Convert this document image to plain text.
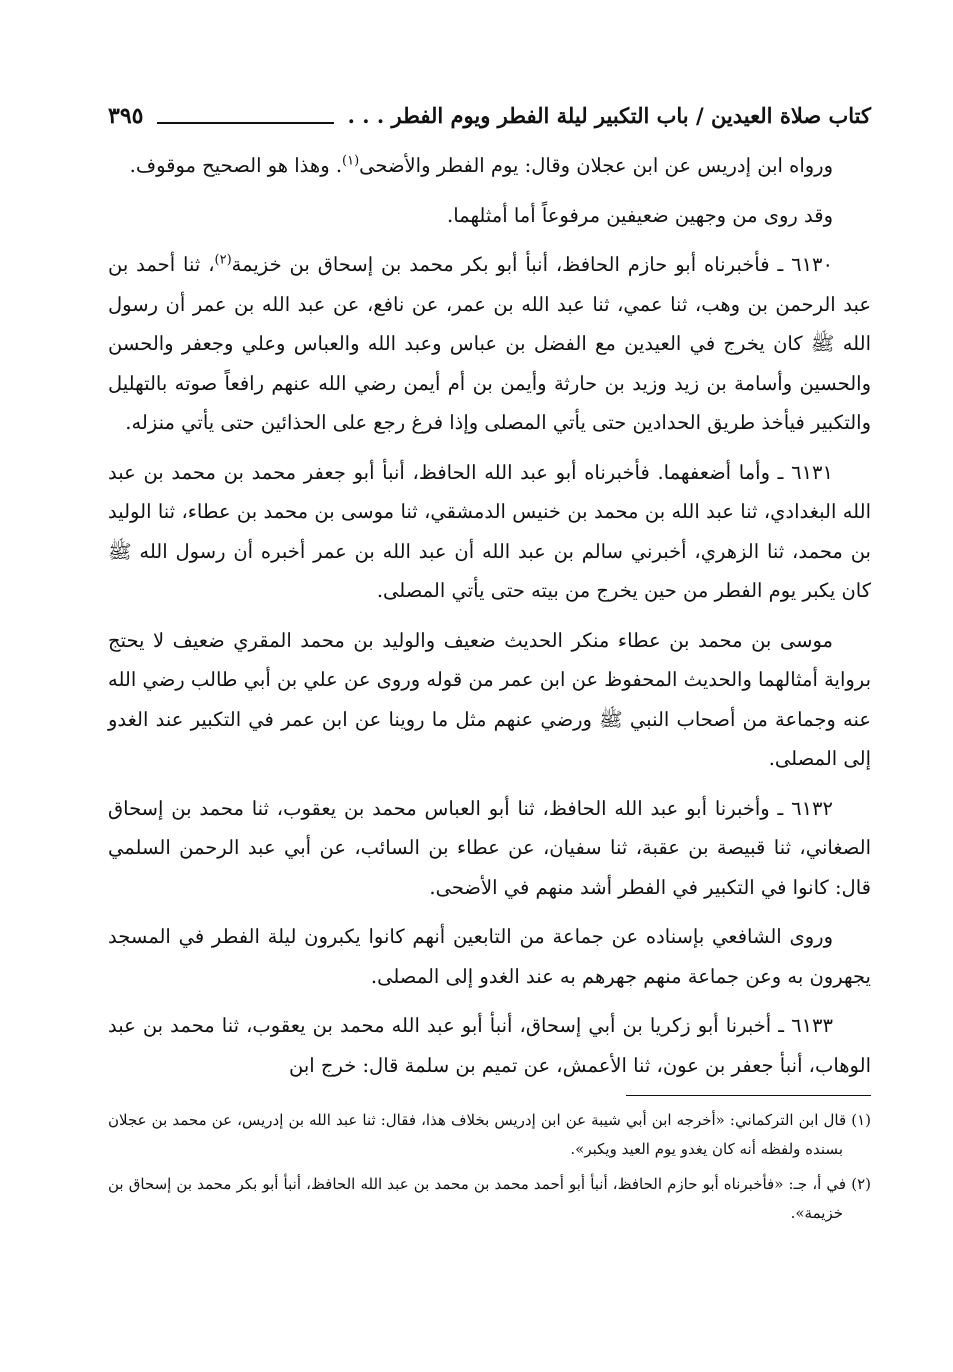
كتاب صلاة العيدين / باب التكبير ليلة الفطر ويوم الفطر . . .
٣٩٥

ورواه ابن إدريس عن ابن عجلان وقال: يوم الفطر والأضحى$^{(١)}$. وهذا هو الصحيح موقوف.

وقد روى من وجهين ضعيفين مرفوعاً أما أمثلهما.

٦١٣٠ ـ فأخبرناه أبو حازم الحافظ، أنبأ أبو بكر محمد بن إسحاق بن خزيمة$^{(٢)}$، ثنا أحمد بن عبد الرحمن بن وهب، ثنا عمي، ثنا عبد الله بن عمر، عن نافع، عن عبد الله بن عمر أن رسول الله ﷺ كان يخرج في العيدين مع الفضل بن عباس وعبد الله والعباس وعلي وجعفر والحسن والحسين وأسامة بن زيد وزيد بن حارثة وأيمن بن أم أيمن رضي الله عنهم رافعاً صوته بالتهليل والتكبير فيأخذ طريق الحدادين حتى يأتي المصلى وإذا فرغ رجع على الحذائين حتى يأتي منزله.

٦١٣١ ـ وأما أضعفهما. فأخبرناه أبو عبد الله الحافظ، أنبأ أبو جعفر محمد بن محمد بن عبد الله البغدادي، ثنا عبد الله بن محمد بن خنيس الدمشقي، ثنا موسى بن محمد بن عطاء، ثنا الوليد بن محمد، ثنا الزهري، أخبرني سالم بن عبد الله أن عبد الله بن عمر أخبره أن رسول الله ﷺ كان يكبر يوم الفطر من حين يخرج من بيته حتى يأتي المصلى.

موسى بن محمد بن عطاء منكر الحديث ضعيف والوليد بن محمد المقري ضعيف لا يحتج برواية أمثالهما والحديث المحفوظ عن ابن عمر من قوله وروى عن علي بن أبي طالب رضي الله عنه وجماعة من أصحاب النبي ﷺ ورضي عنهم مثل ما روينا عن ابن عمر في التكبير عند الغدو إلى المصلى.

٦١٣٢ ـ وأخبرنا أبو عبد الله الحافظ، ثنا أبو العباس محمد بن يعقوب، ثنا محمد بن إسحاق الصغاني، ثنا قبيصة بن عقبة، ثنا سفيان، عن عطاء بن السائب، عن أبي عبد الرحمن السلمي قال: كانوا في التكبير في الفطر أشد منهم في الأضحى.

وروى الشافعي بإسناده عن جماعة من التابعين أنهم كانوا يكبرون ليلة الفطر في المسجد يجهرون به وعن جماعة منهم جهرهم به عند الغدو إلى المصلى.

٦١٣٣ ـ أخبرنا أبو زكريا بن أبي إسحاق، أنبأ أبو عبد الله محمد بن يعقوب، ثنا محمد بن عبد الوهاب، أنبأ جعفر بن عون، ثنا الأعمش، عن تميم بن سلمة قال: خرج ابن

(١) قال ابن التركماني: «أخرجه ابن أبي شيبة عن ابن إدريس بخلاف هذا، فقال: ثنا عبد الله بن إدريس، عن محمد بن عجلان بسنده ولفظه أنه كان يغدو يوم العيد ويكبر».

(٢) في أ، جـ: «فأخبرناه أبو حازم الحافظ، أنبأ أبو أحمد محمد بن محمد بن عبد الله الحافظ، أنبأ أبو بكر محمد بن إسحاق بن خزيمة».
